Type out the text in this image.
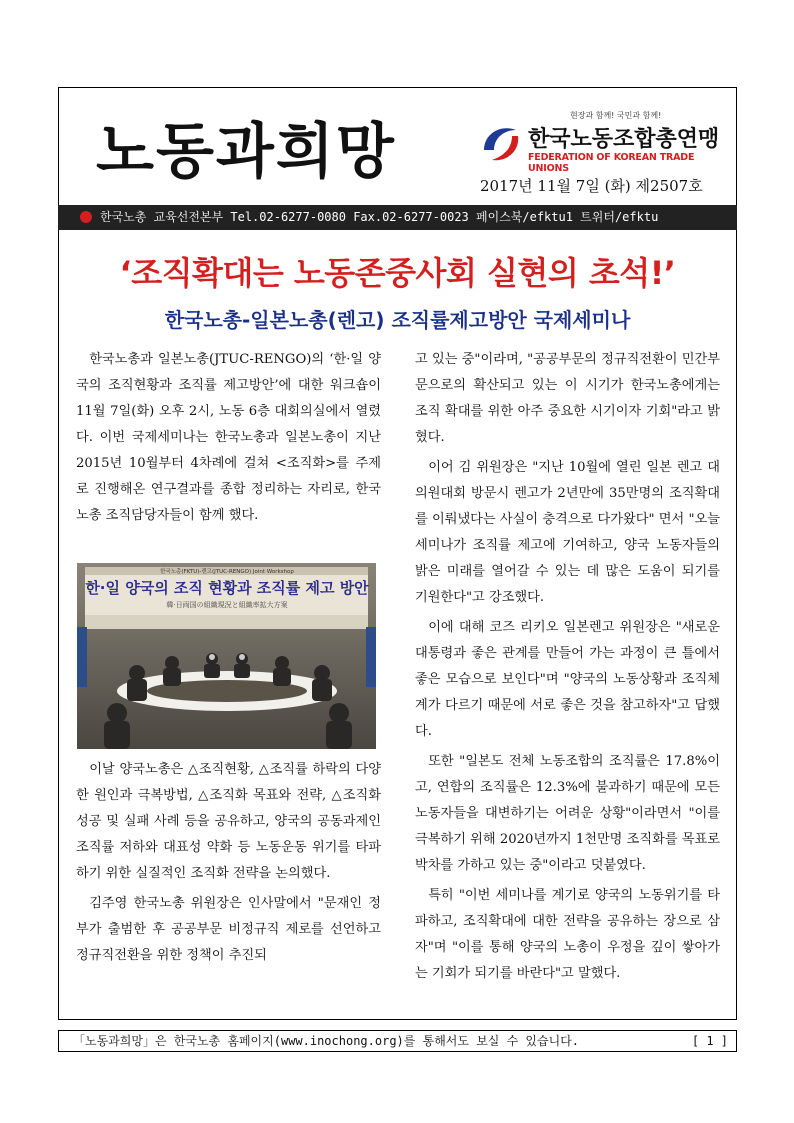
노동과희망
현장과 함께! 국민과 함께!
한국노동조합총연맹
FEDERATION OF KOREAN TRADE UNIONS
2017년 11월 7일 (화) 제2507호
한국노총 교육선전본부 Tel.02-6277-0080 Fax.02-6277-0023 페이스북/efktu1 트위터/efktu
‘조직확대는 노동존중사회 실현의 초석!’
한국노총-일본노총(렌고) 조직률제고방안 국제세미나

한국노총과 일본노총(JTUC-RENGO)의 ‘한·일 양국의 조직현황과 조직률 제고방안’에 대한 워크숍이 11월 7일(화) 오후 2시, 노동 6층 대회의실에서 열렸다. 이번 국제세미나는 한국노총과 일본노총이 지난 2015년 10월부터 4차례에 걸쳐 <조직화>를 주제로 진행해온 연구결과를 종합 정리하는 자리로, 한국노총 조직담당자들이 함께 했다.

한국노총(FKTU)-렌고(JTUC-RENGO) Joint Workshop
한·일 양국의 조직 현황과 조직률 제고 방안
韓·日両国の組織現況と組織率拡大方案

이날 양국노총은 △조직현황, △조직률 하락의 다양한 원인과 극복방법, △조직화 목표와 전략, △조직화 성공 및 실패 사례 등을 공유하고, 양국의 공동과제인 조직률 저하와 대표성 약화 등 노동운동 위기를 타파하기 위한 실질적인 조직화 전략을 논의했다.

김주영 한국노총 위원장은 인사말에서 "문재인 정부가 출범한 후 공공부문 비정규직 제로를 선언하고 정규직전환을 위한 정책이 추진되

고 있는 중"이라며, "공공부문의 정규직전환이 민간부문으로의 확산되고 있는 이 시기가 한국노총에게는 조직 확대를 위한 아주 중요한 시기이자 기회"라고 밝혔다.

이어 김 위원장은 "지난 10월에 열린 일본 렌고 대의원대회 방문시 렌고가 2년만에 35만명의 조직확대를 이뤄냈다는 사실이 충격으로 다가왔다" 면서 "오늘 세미나가 조직률 제고에 기여하고, 양국 노동자들의 밝은 미래를 열어갈 수 있는 데 많은 도움이 되기를 기원한다"고 강조했다.

이에 대해 코즈 리키오 일본렌고 위원장은 "새로운 대통령과 좋은 관계를 만들어 가는 과정이 큰 틀에서 좋은 모습으로 보인다"며 "양국의 노동상황과 조직체계가 다르기 때문에 서로 좋은 것을 참고하자"고 답했다.

또한 "일본도 전체 노동조합의 조직률은 17.8%이고, 연합의 조직률은 12.3%에 불과하기 때문에 모든 노동자들을 대변하기는 어려운 상황"이라면서 "이를 극복하기 위해 2020년까지 1천만명 조직화를 목표로 박차를 가하고 있는 중"이라고 덧붙였다.

특히 "이번 세미나를 계기로 양국의 노동위기를 타파하고, 조직확대에 대한 전략을 공유하는 장으로 삼자"며 "이를 통해 양국의 노총이 우정을 깊이 쌓아가는 기회가 되기를 바란다"고 말했다.

「노동과희망」은 한국노총 홈페이지(www.inochong.org)를 통해서도 보실 수 있습니다.	[ 1 ]
